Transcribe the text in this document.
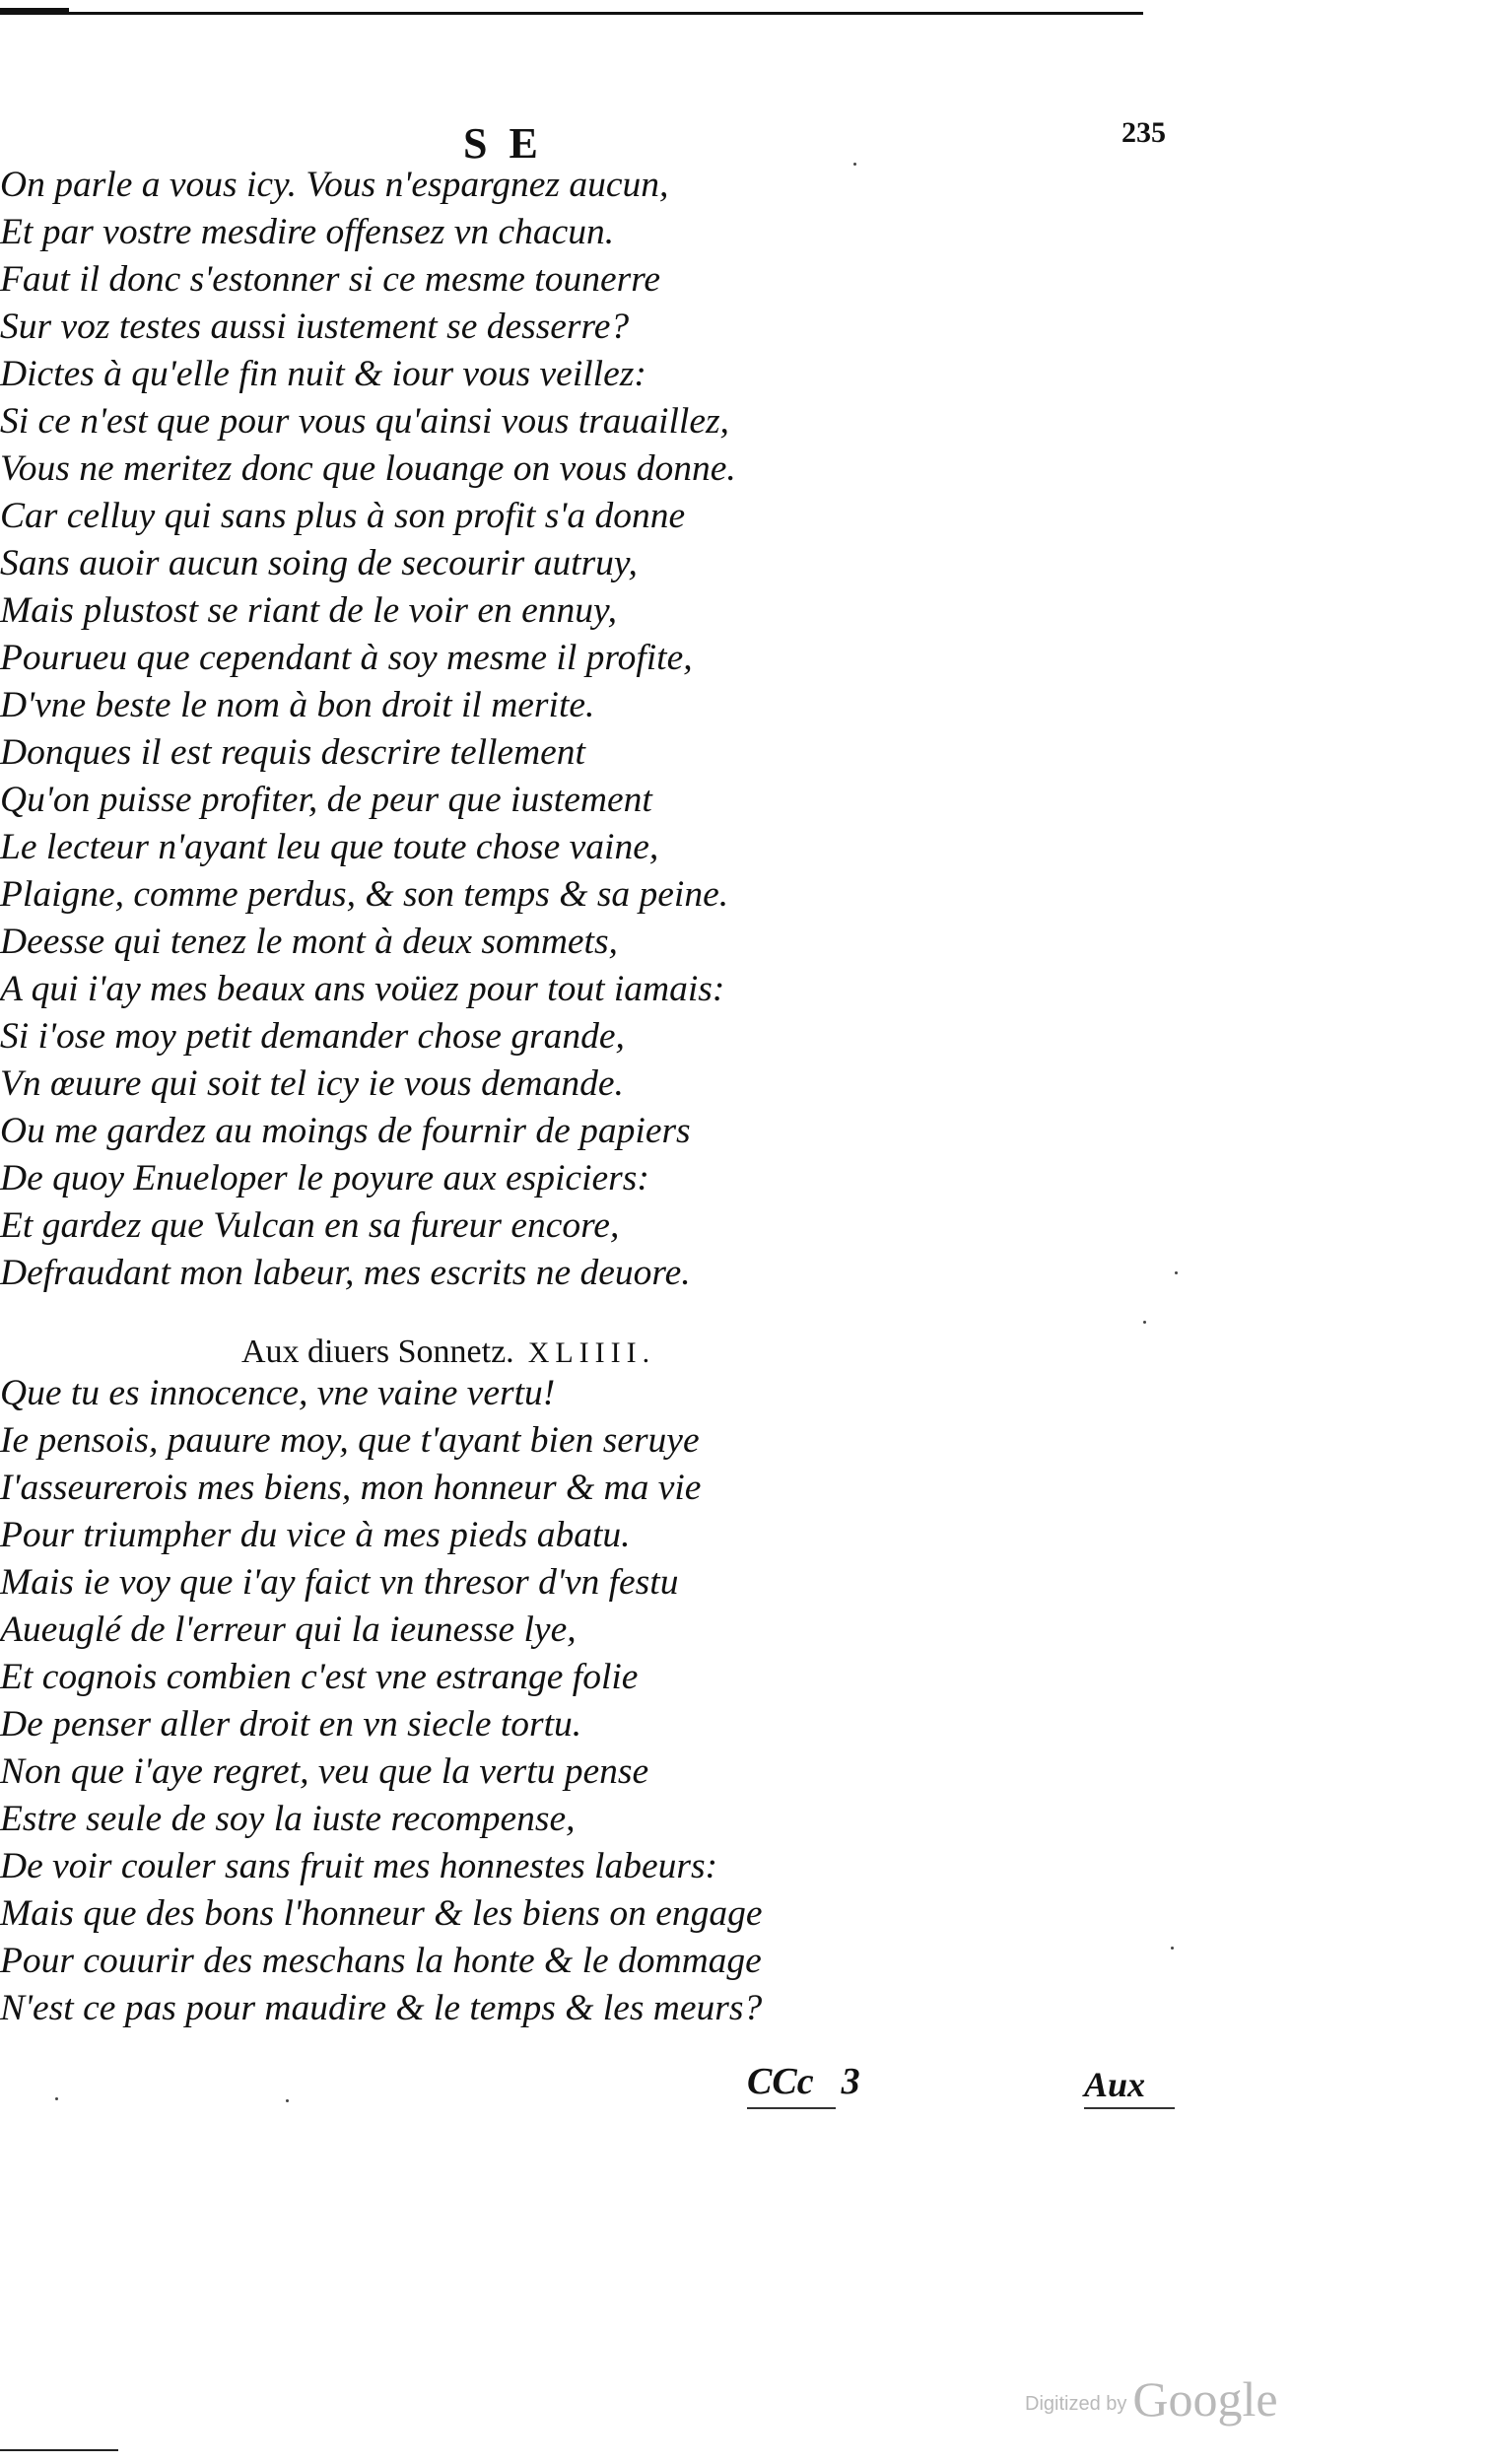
SE	235
On parle a vous icy. Vous n'espargnez aucun,
Et par vostre mesdire offensez vn chacun.
Faut il donc s'estonner si ce mesme tounerre
Sur voz testes aussi iustement se desserre?
Dictes à qu'elle fin nuit & iour vous veillez:
Si ce n'est que pour vous qu'ainsi vous trauaillez,
Vous ne meritez donc que louange on vous donne.
Car celluy qui sans plus à son profit s'a donne
Sans auoir aucun soing de secourir autruy,
Mais plustost se riant de le voir en ennuy,
Pourueu que cependant à soy mesme il profite,
D'vne beste le nom à bon droit il merite.
Donques il est requis descrire tellement
Qu'on puisse profiter, de peur que iustement
Le lecteur n'ayant leu que toute chose vaine,
Plaigne, comme perdus, & son temps & sa peine.
Deesse qui tenez le mont à deux sommets,
A qui i'ay mes beaux ans voüez pour tout iamais:
Si i'ose moy petit demander chose grande,
Vn œuure qui soit tel icy ie vous demande.
Ou me gardez au moings de fournir de papiers
De quoy Enueloper le poyure aux espiciers:
Et gardez que Vulcan en sa fureur encore,
Defraudant mon labeur, mes escrits ne deuore.
Aux diuers Sonnetz. XLIIII.
Que tu es innocence, vne vaine vertu!
Ie pensois, pauure moy, que t'ayant bien seruye
I'asseurerois mes biens, mon honneur & ma vie
Pour triumpher du vice à mes pieds abatu.
Mais ie voy que i'ay faict vn thresor d'vn festu
Aueuglé de l'erreur qui la ieunesse lye,
Et cognois combien c'est vne estrange folie
De penser aller droit en vn siecle tortu.
Non que i'aye regret, veu que la vertu pense
Estre seule de soy la iuste recompense,
De voir couler sans fruit mes honnestes labeurs:
Mais que des bons l'honneur & les biens on engage
Pour couurir des meschans la honte & le dommage
N'est ce pas pour maudire & le temps & les meurs?
CCc 3	Aux
Digitized by Google
